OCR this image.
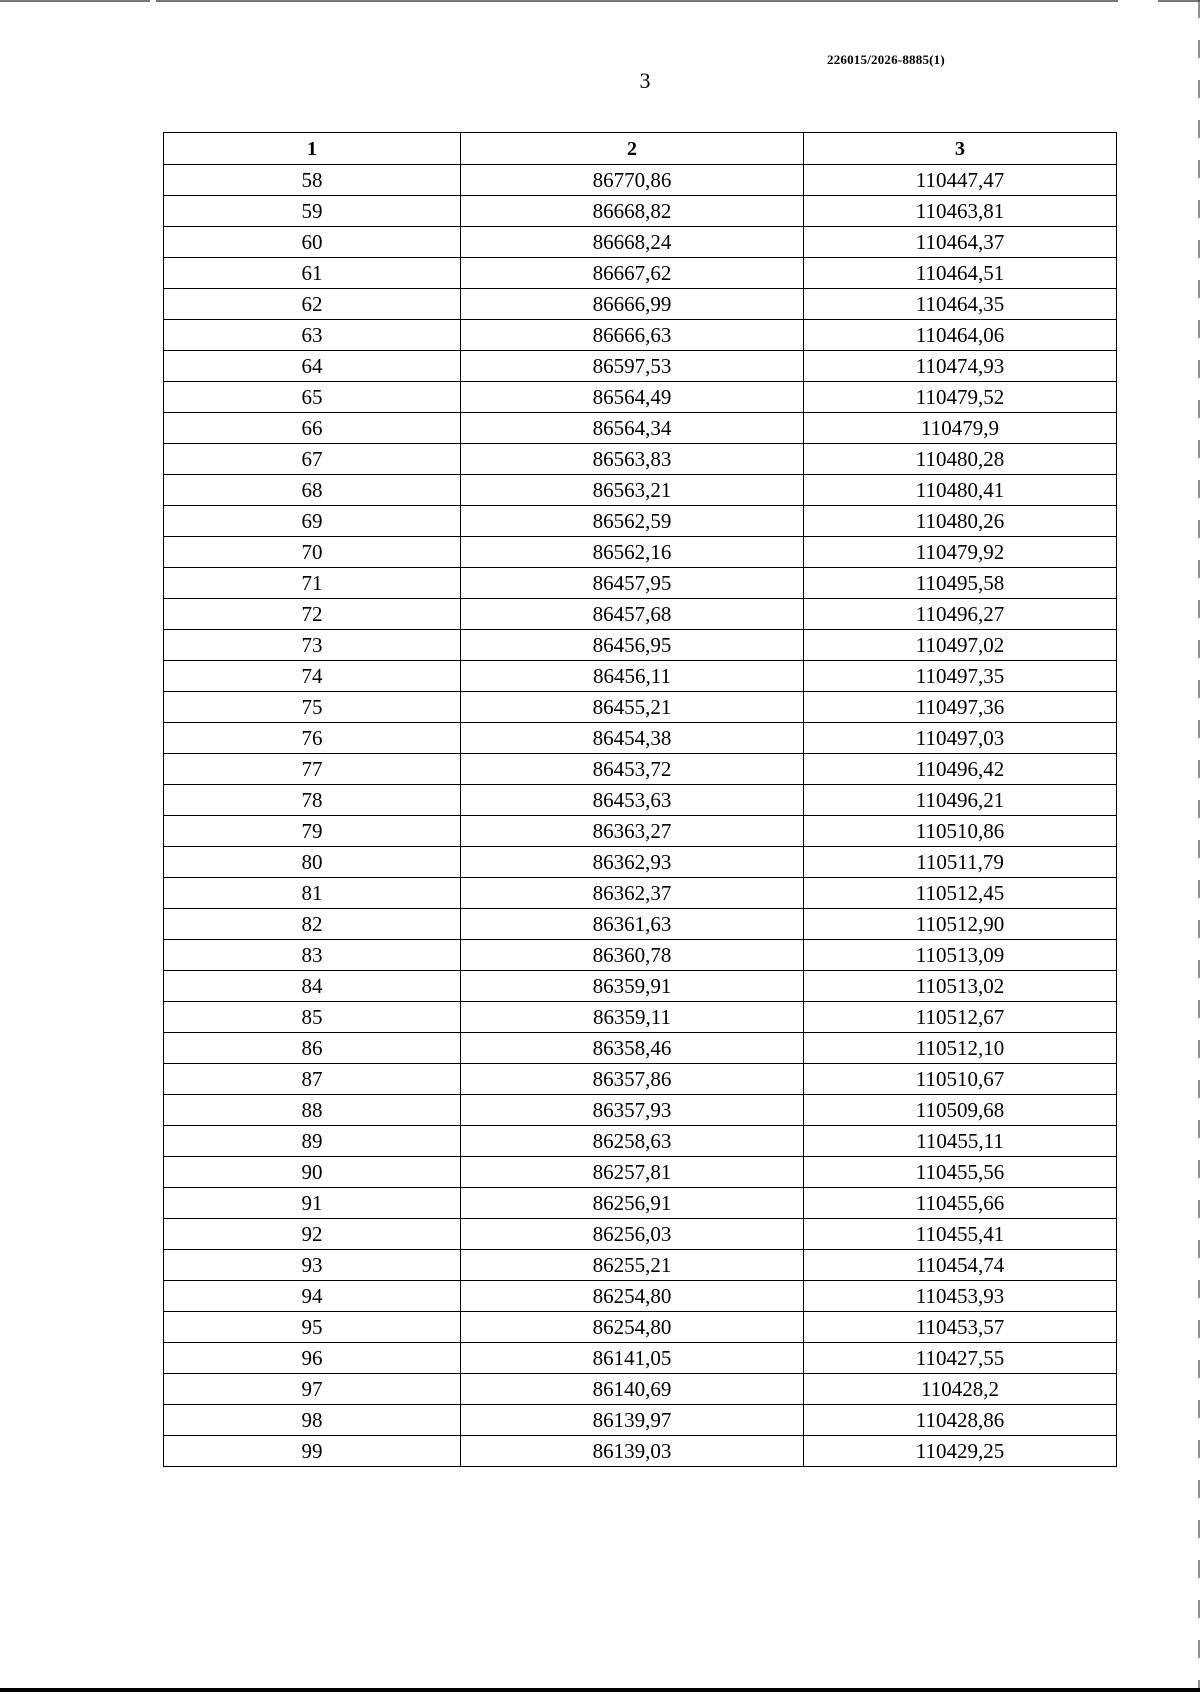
226015/2026-8885(1)
3
1	2	3
58	86770,86	110447,47
59	86668,82	110463,81
60	86668,24	110464,37
61	86667,62	110464,51
62	86666,99	110464,35
63	86666,63	110464,06
64	86597,53	110474,93
65	86564,49	110479,52
66	86564,34	110479,9
67	86563,83	110480,28
68	86563,21	110480,41
69	86562,59	110480,26
70	86562,16	110479,92
71	86457,95	110495,58
72	86457,68	110496,27
73	86456,95	110497,02
74	86456,11	110497,35
75	86455,21	110497,36
76	86454,38	110497,03
77	86453,72	110496,42
78	86453,63	110496,21
79	86363,27	110510,86
80	86362,93	110511,79
81	86362,37	110512,45
82	86361,63	110512,90
83	86360,78	110513,09
84	86359,91	110513,02
85	86359,11	110512,67
86	86358,46	110512,10
87	86357,86	110510,67
88	86357,93	110509,68
89	86258,63	110455,11
90	86257,81	110455,56
91	86256,91	110455,66
92	86256,03	110455,41
93	86255,21	110454,74
94	86254,80	110453,93
95	86254,80	110453,57
96	86141,05	110427,55
97	86140,69	110428,2
98	86139,97	110428,86
99	86139,03	110429,25
